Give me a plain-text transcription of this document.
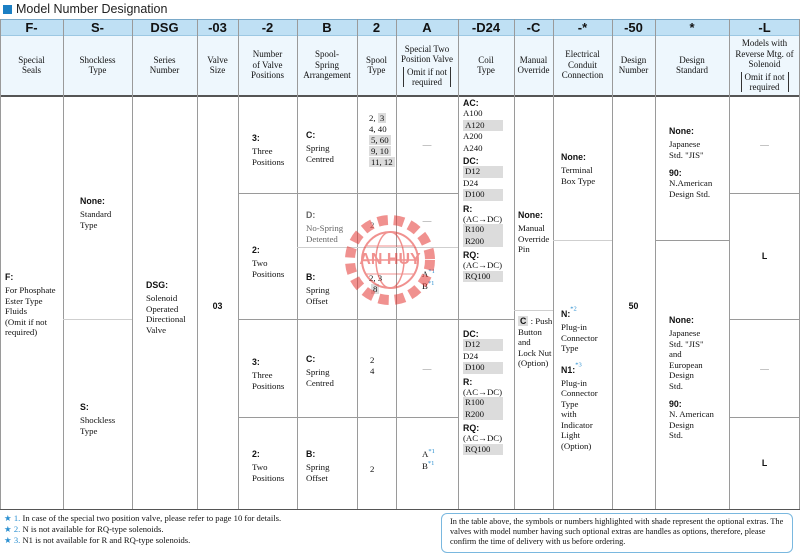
Model Number Designation
F-
Special
Seals
S-
Shockless
Type
DSG
Series
Number
-03
Valve
Size
-2
Number
of Valve
Positions
B
Spool-
Spring
Arrangement
2
Spool
Type
A
Special Two
Position Valve
Omit if not
required
-D24
Coil
Type
-C
Manual
Override
-*
Electrical
Conduit
Connection
-50
Design
Number
*
Design
Standard
-L
Models with
Reverse Mtg. of
Solenoid
Omit if not
required
F:
For Phosphate
Ester Type
Fluids
(Omit if not
required)
None:
Standard
Type
S:
Shockless
Type
DSG:
Solenoid
Operated
Directional
Valve
03
3:
Three
Positions
2:
Two
Positions
3:
Three
Positions
2:
Two
Positions
C:
Spring
Centred
D:
No-Spring
Detented
B:
Spring
Offset
C:
Spring
Centred
B:
Spring
Offset
2, 3
4, 40
5, 60
9, 10
11, 12
2
2, 3
8
2
4
2
—
—
—
$A^{*1}$
$B^{*1}$
$A^{*1}$
$B^{*1}$
AC:
A100
A120
A200
A240
DC:
D12
D24
D100
R:
(AC→DC)
R100
R200
RQ:
(AC→DC)
RQ100
DC:
D12
D24
D100
R:
(AC→DC)
R100
R200
RQ:
(AC→DC)
RQ100
None:
Manual
Override
Pin
C : Push
Button
and
Lock Nut
(Option)
None:
Terminal
Box Type
N:$^{*2}$
Plug-in
Connector
Type
N1:$^{*3}$
Plug-in
Connector
Type
with
Indicator
Light
(Option)
50
None:
Japanese
Std. "JIS"
90:
N.American
Design Std.
None:
Japanese
Std. "JIS"
and
European
Design
Std.
90:
N. American
Design
Std.
—
L
—
L
AN HUY
★ 1. In case of the special two position valve, please refer to page 10 for details.
★ 2. N is not available for RQ-type solenoids.
★ 3. N1 is not available for R and RQ-type solenoids.
In the table above, the symbols or numbers highlighted with shade represent the optional extras. The valves with model number having such optional extras are handles as options, therefore, please confirm the time of delivery with us before ordering.
